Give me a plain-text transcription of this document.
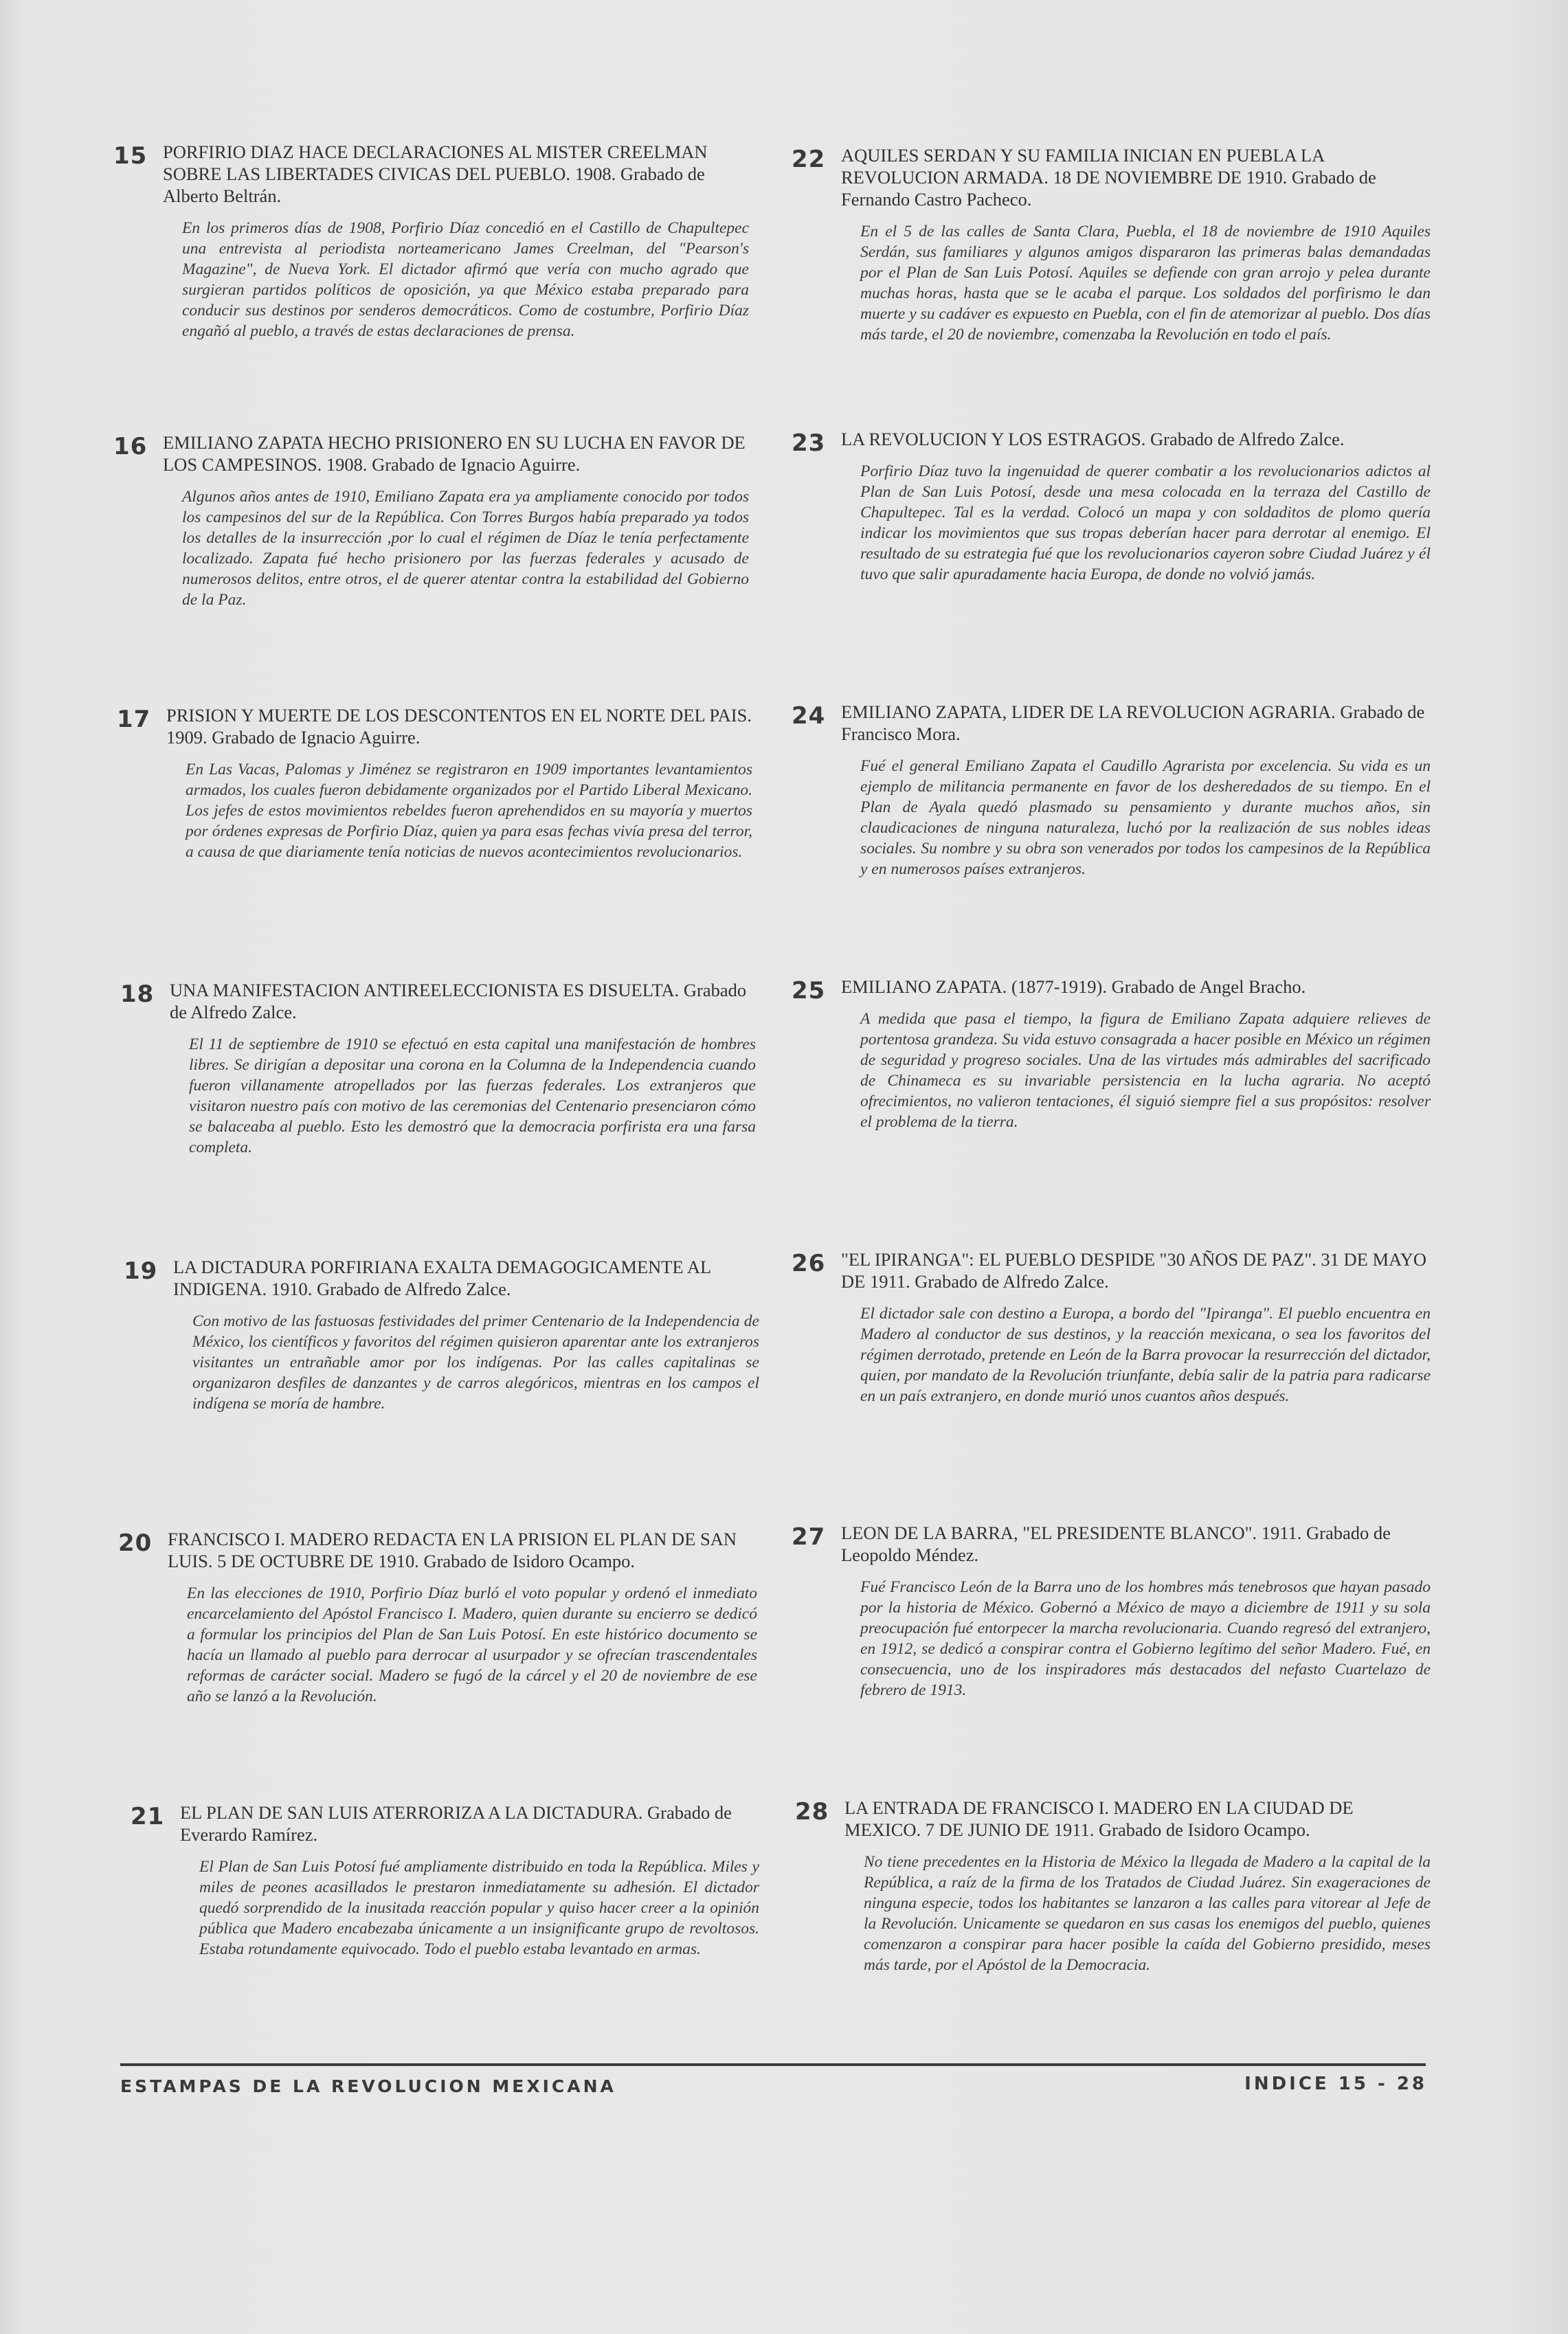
15 PORFIRIO DIAZ HACE DECLARACIONES AL MISTER CREELMAN SOBRE LAS LIBERTADES CIVICAS DEL PUEBLO. 1908. Grabado de Alberto Beltrán.
En los primeros días de 1908, Porfirio Díaz concedió en el Castillo de Chapultepec una entrevista al periodista norteamericano James Creelman, del "Pearson's Magazine", de Nueva York. El dictador afirmó que vería con mucho agrado que surgieran partidos políticos de oposición, ya que México estaba preparado para conducir sus destinos por senderos democráticos. Como de costumbre, Porfirio Díaz engañó al pueblo, a través de estas declaraciones de prensa.
16 EMILIANO ZAPATA HECHO PRISIONERO EN SU LUCHA EN FAVOR DE LOS CAMPESINOS. 1908. Grabado de Ignacio Aguirre.
Algunos años antes de 1910, Emiliano Zapata era ya ampliamente conocido por todos los campesinos del sur de la República. Con Torres Burgos había preparado ya todos los detalles de la insurrección ,por lo cual el régimen de Díaz le tenía perfectamente localizado. Zapata fué hecho prisionero por las fuerzas federales y acusado de numerosos delitos, entre otros, el de querer atentar contra la estabilidad del Gobierno de la Paz.
17 PRISION Y MUERTE DE LOS DESCONTENTOS EN EL NORTE DEL PAIS. 1909. Grabado de Ignacio Aguirre.
En Las Vacas, Palomas y Jiménez se registraron en 1909 importantes levantamientos armados, los cuales fueron debidamente organizados por el Partido Liberal Mexicano. Los jefes de estos movimientos rebeldes fueron aprehendidos en su mayoría y muertos por órdenes expresas de Porfirio Díaz, quien ya para esas fechas vivía presa del terror, a causa de que diariamente tenía noticias de nuevos acontecimientos revolucionarios.
18 UNA MANIFESTACION ANTIREELECCIONISTA ES DISUELTA. Grabado de Alfredo Zalce.
El 11 de septiembre de 1910 se efectuó en esta capital una manifestación de hombres libres. Se dirigían a depositar una corona en la Columna de la Independencia cuando fueron villanamente atropellados por las fuerzas federales. Los extranjeros que visitaron nuestro país con motivo de las ceremonias del Centenario presenciaron cómo se balaceaba al pueblo. Esto les demostró que la democracia porfirista era una farsa completa.
19 LA DICTADURA PORFIRIANA EXALTA DEMAGOGICAMENTE AL INDIGENA. 1910. Grabado de Alfredo Zalce.
Con motivo de las fastuosas festividades del primer Centenario de la Independencia de México, los científicos y favoritos del régimen quisieron aparentar ante los extranjeros visitantes un entrañable amor por los indígenas. Por las calles capitalinas se organizaron desfiles de danzantes y de carros alegóricos, mientras en los campos el indígena se moría de hambre.
20 FRANCISCO I. MADERO REDACTA EN LA PRISION EL PLAN DE SAN LUIS. 5 DE OCTUBRE DE 1910. Grabado de Isidoro Ocampo.
En las elecciones de 1910, Porfirio Díaz burló el voto popular y ordenó el inmediato encarcelamiento del Apóstol Francisco I. Madero, quien durante su encierro se dedicó a formular los principios del Plan de San Luis Potosí. En este histórico documento se hacía un llamado al pueblo para derrocar al usurpador y se ofrecían trascendentales reformas de carácter social. Madero se fugó de la cárcel y el 20 de noviembre de ese año se lanzó a la Revolución.
21 EL PLAN DE SAN LUIS ATERRORIZA A LA DICTADURA. Grabado de Everardo Ramírez.
El Plan de San Luis Potosí fué ampliamente distribuido en toda la República. Miles y miles de peones acasillados le prestaron inmediatamente su adhesión. El dictador quedó sorprendido de la inusitada reacción popular y quiso hacer creer a la opinión pública que Madero encabezaba únicamente a un insignificante grupo de revoltosos. Estaba rotundamente equivocado. Todo el pueblo estaba levantado en armas.
22 AQUILES SERDAN Y SU FAMILIA INICIAN EN PUEBLA LA REVOLUCION ARMADA. 18 DE NOVIEMBRE DE 1910. Grabado de Fernando Castro Pacheco.
En el 5 de las calles de Santa Clara, Puebla, el 18 de noviembre de 1910 Aquiles Serdán, sus familiares y algunos amigos dispararon las primeras balas demandadas por el Plan de San Luis Potosí. Aquiles se defiende con gran arrojo y pelea durante muchas horas, hasta que se le acaba el parque. Los soldados del porfirismo le dan muerte y su cadáver es expuesto en Puebla, con el fin de atemorizar al pueblo. Dos días más tarde, el 20 de noviembre, comenzaba la Revolución en todo el país.
23 LA REVOLUCION Y LOS ESTRAGOS. Grabado de Alfredo Zalce.
Porfirio Díaz tuvo la ingenuidad de querer combatir a los revolucionarios adictos al Plan de San Luis Potosí, desde una mesa colocada en la terraza del Castillo de Chapultepec. Tal es la verdad. Colocó un mapa y con soldaditos de plomo quería indicar los movimientos que sus tropas deberían hacer para derrotar al enemigo. El resultado de su estrategia fué que los revolucionarios cayeron sobre Ciudad Juárez y él tuvo que salir apuradamente hacia Europa, de donde no volvió jamás.
24 EMILIANO ZAPATA, LIDER DE LA REVOLUCION AGRARIA. Grabado de Francisco Mora.
Fué el general Emiliano Zapata el Caudillo Agrarista por excelencia. Su vida es un ejemplo de militancia permanente en favor de los desheredados de su tiempo. En el Plan de Ayala quedó plasmado su pensamiento y durante muchos años, sin claudicaciones de ninguna naturaleza, luchó por la realización de sus nobles ideas sociales. Su nombre y su obra son venerados por todos los campesinos de la República y en numerosos países extranjeros.
25 EMILIANO ZAPATA. (1877-1919). Grabado de Angel Bracho.
A medida que pasa el tiempo, la figura de Emiliano Zapata adquiere relieves de portentosa grandeza. Su vida estuvo consagrada a hacer posible en México un régimen de seguridad y progreso sociales. Una de las virtudes más admirables del sacrificado de Chinameca es su invariable persistencia en la lucha agraria. No aceptó ofrecimientos, no valieron tentaciones, él siguió siempre fiel a sus propósitos: resolver el problema de la tierra.
26 "EL IPIRANGA": EL PUEBLO DESPIDE "30 AÑOS DE PAZ". 31 DE MAYO DE 1911. Grabado de Alfredo Zalce.
El dictador sale con destino a Europa, a bordo del "Ipiranga". El pueblo encuentra en Madero al conductor de sus destinos, y la reacción mexicana, o sea los favoritos del régimen derrotado, pretende en León de la Barra provocar la resurrección del dictador, quien, por mandato de la Revolución triunfante, debía salir de la patria para radicarse en un país extranjero, en donde murió unos cuantos años después.
27 LEON DE LA BARRA, "EL PRESIDENTE BLANCO". 1911. Grabado de Leopoldo Méndez.
Fué Francisco León de la Barra uno de los hombres más tenebrosos que hayan pasado por la historia de México. Gobernó a México de mayo a diciembre de 1911 y su sola preocupación fué entorpecer la marcha revolucionaria. Cuando regresó del extranjero, en 1912, se dedicó a conspirar contra el Gobierno legítimo del señor Madero. Fué, en consecuencia, uno de los inspiradores más destacados del nefasto Cuartelazo de febrero de 1913.
28 LA ENTRADA DE FRANCISCO I. MADERO EN LA CIUDAD DE MEXICO. 7 DE JUNIO DE 1911. Grabado de Isidoro Ocampo.
No tiene precedentes en la Historia de México la llegada de Madero a la capital de la República, a raíz de la firma de los Tratados de Ciudad Juárez. Sin exageraciones de ninguna especie, todos los habitantes se lanzaron a las calles para vitorear al Jefe de la Revolución. Unicamente se quedaron en sus casas los enemigos del pueblo, quienes comenzaron a conspirar para hacer posible la caída del Gobierno presidido, meses más tarde, por el Apóstol de la Democracia.
ESTAMPAS DE LA REVOLUCION MEXICANA	INDICE 15 - 28
